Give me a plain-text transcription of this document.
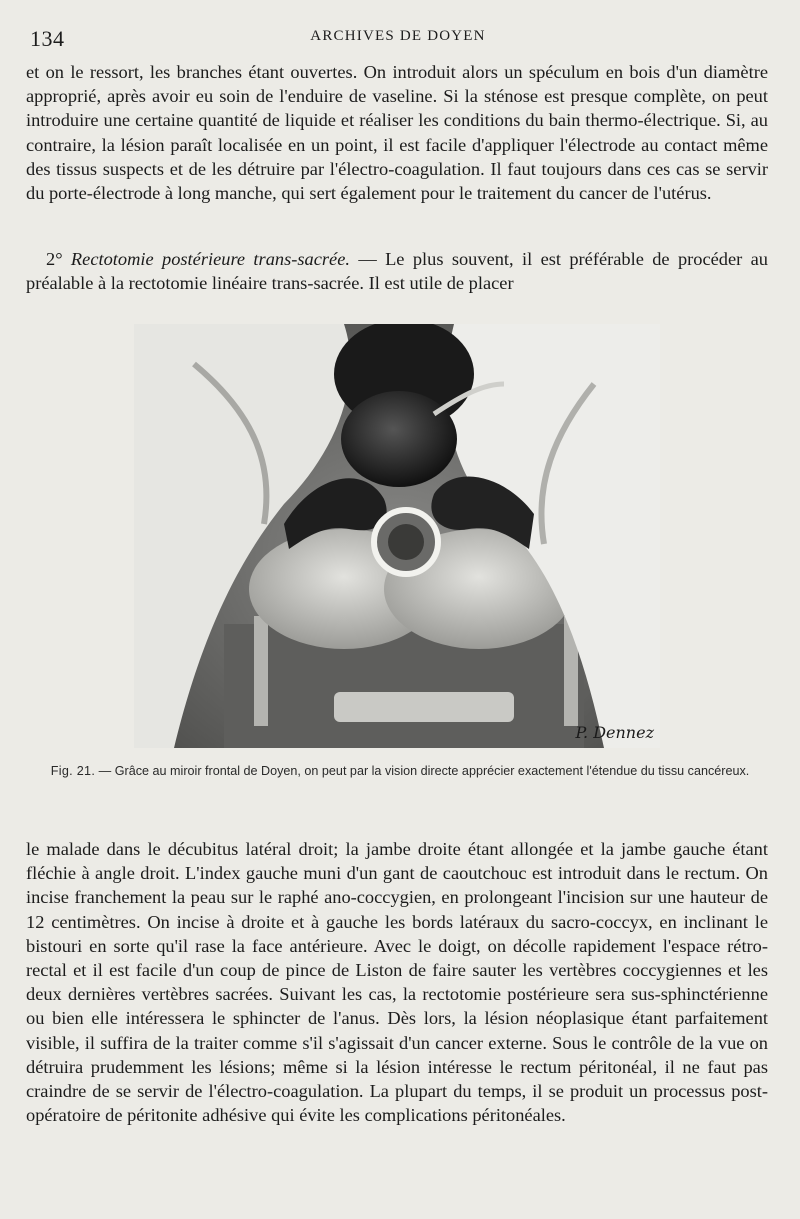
134	ARCHIVES DE DOYEN

et on le ressort, les branches étant ouvertes. On introduit alors un spéculum en bois d'un diamètre approprié, après avoir eu soin de l'enduire de vaseline. Si la sténose est presque complète, on peut introduire une certaine quantité de liquide et réaliser les conditions du bain thermo-électrique. Si, au contraire, la lésion paraît localisée en un point, il est facile d'appliquer l'électrode au contact même des tissus suspects et de les détruire par l'électro-coagulation. Il faut toujours dans ces cas se servir du porte-électrode à long manche, qui sert également pour le traitement du cancer de l'utérus.

2° Rectotomie postérieure trans-sacrée. — Le plus souvent, il est préférable de procéder au préalable à la rectotomie linéaire trans-sacrée. Il est utile de placer

P. Dennez
Fig. 21. — Grâce au miroir frontal de Doyen, on peut par la vision directe apprécier exactement l'étendue du tissu cancéreux.

le malade dans le décubitus latéral droit; la jambe droite étant allongée et la jambe gauche étant fléchie à angle droit. L'index gauche muni d'un gant de caoutchouc est introduit dans le rectum. On incise franchement la peau sur le raphé ano-coccygien, en prolongeant l'incision sur une hauteur de 12 centimètres. On incise à droite et à gauche les bords latéraux du sacro-coccyx, en inclinant le bistouri en sorte qu'il rase la face antérieure. Avec le doigt, on décolle rapidement l'espace rétro-rectal et il est facile d'un coup de pince de Liston de faire sauter les vertèbres coccygiennes et les deux dernières vertèbres sacrées. Suivant les cas, la rectotomie postérieure sera sus-sphinctérienne ou bien elle intéressera le sphincter de l'anus. Dès lors, la lésion néoplasique étant parfaitement visible, il suffira de la traiter comme s'il s'agissait d'un cancer externe. Sous le contrôle de la vue on détruira prudemment les lésions; même si la lésion intéresse le rectum péritonéal, il ne faut pas craindre de se servir de l'électro-coagulation. La plupart du temps, il se produit un processus post-opératoire de péritonite adhésive qui évite les complications péritonéales.
